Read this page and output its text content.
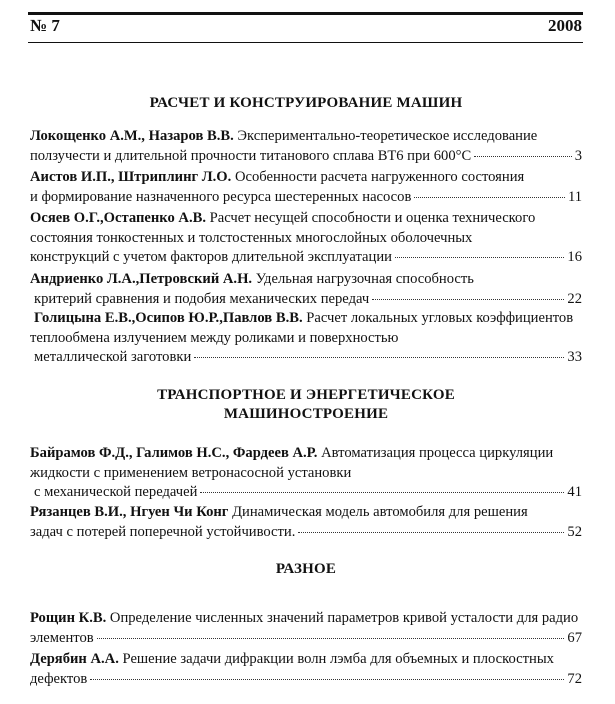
№ 7	2008
РАСЧЕТ И КОНСТРУИРОВАНИЕ МАШИН
Локощенко А.М., Назаров В.В.
Экспериментально-теоретическое исследование
ползучести и длительной прочности титанового сплава ВТ6 при 600°С	3
Аистов И.П., Штриплинг Л.О.
Особенности расчета нагруженного состояния
и формирование назначенного ресурса шестеренных насосов	11
Осяев О.Г.,Остапенко А.В.
Расчет несущей способности и оценка технического
состояния тонкостенных и толстостенных многослойных оболочечных
конструкций с учетом факторов длительной эксплуатации	16
Андриенко Л.А.,Петровский А.Н.
Удельная нагрузочная способность
критерий сравнения и подобия механических передач	22
Голицына Е.В.,Осипов Ю.Р.,Павлов В.В.
Расчет локальных угловых коэффициентов
теплообмена излучением между роликами и поверхностью
металлической заготовки	33
ТРАНСПОРТНОЕ И ЭНЕРГЕТИЧЕСКОЕ
МАШИНОСТРОЕНИЕ
Байрамов Ф.Д., Галимов Н.С., Фардеев А.Р.
Автоматизация процесса циркуляции
жидкости с применением ветронасосной установки
с механической передачей	41
Рязанцев В.И., Нгуен Чи Конг
Динамическая модель автомобиля для решения
задач с потерей поперечной устойчивости.	52
РАЗНОЕ
Рощин К.В.
Определение численных значений параметров кривой усталости для радио
элементов	67
Дерябин А.А.
Решение задачи дифракции волн лэмба для объемных и плоскостных
дефектов	72
